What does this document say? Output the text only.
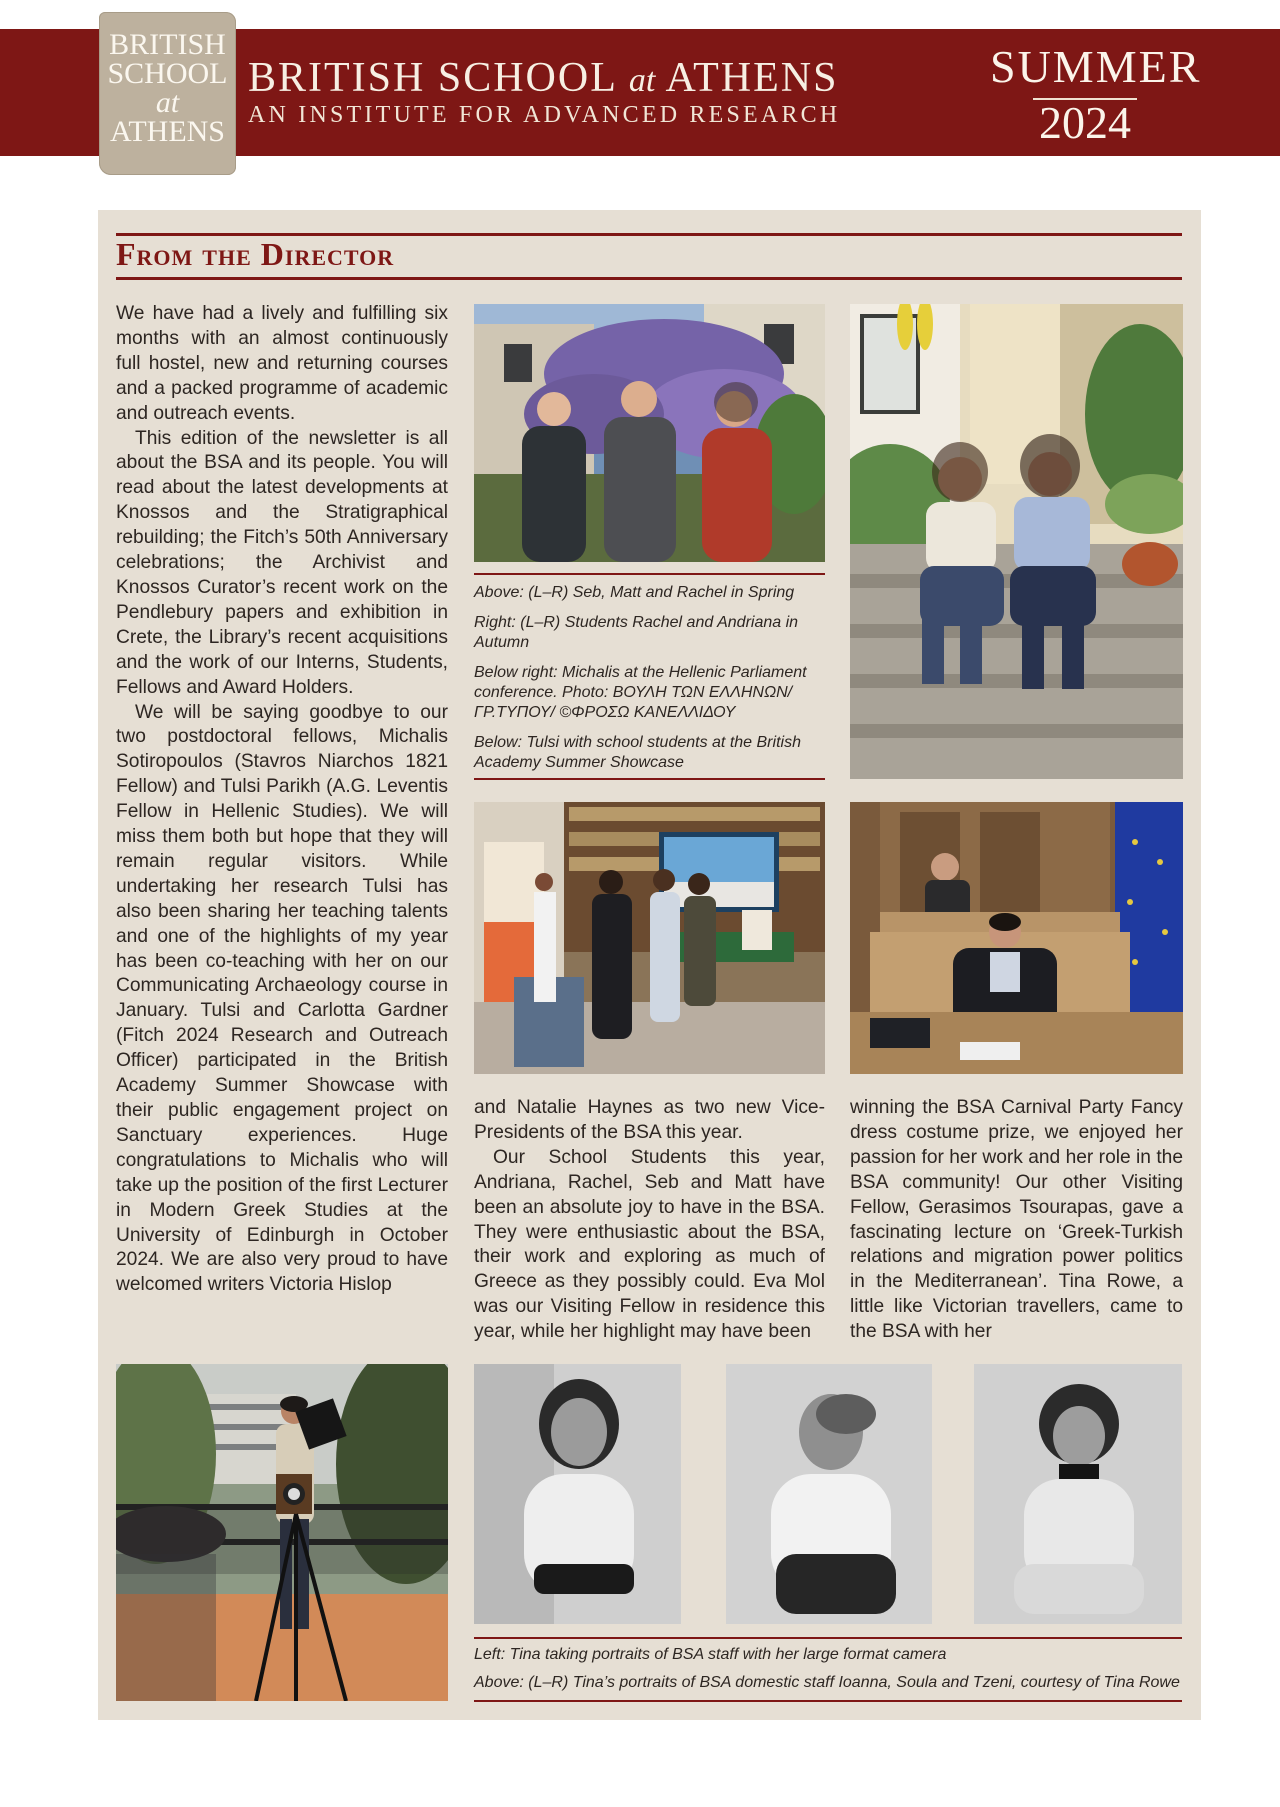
BRITISH
SCHOOL
at
ATHENS
BRITISH SCHOOL at ATHENS
AN INSTITUTE FOR ADVANCED RESEARCH
SUMMER
2024
From the Director

We have had a lively and fulfilling six months with an almost continuously full hostel, new and returning courses and a packed programme of academic and outreach events.

This edition of the newsletter is all about the BSA and its people. You will read about the latest developments at Knossos and the Stratigraphical rebuilding; the Fitch’s 50th Anniversary celebrations; the Archivist and Knossos Curator’s recent work on the Pendlebury papers and exhibition in Crete, the Library’s recent acquisitions and the work of our Interns, Students, Fellows and Award Holders.

We will be saying goodbye to our two postdoctoral fellows, Michalis Sotiropoulos (Stavros Niarchos 1821 Fellow) and Tulsi Parikh (A.G. Leventis Fellow in Hellenic Studies). We will miss them both but hope that they will remain regular visitors. While undertaking her research Tulsi has also been sharing her teaching talents and one of the highlights of my year has been co-teaching with her on our Communicating Archaeology course in January. Tulsi and Carlotta Gardner (Fitch 2024 Research and Outreach Officer) participated in the British Academy Summer Showcase with their public engagement project on Sanctuary experiences. Huge congratulations to Michalis who will take up the position of the first Lecturer in Modern Greek Studies at the University of Edinburgh in October 2024. We are also very proud to have welcomed writers Victoria Hislop

Above: (L–R) Seb, Matt and Rachel in Spring

Right: (L–R) Students Rachel and Andriana in Autumn

Below right: Michalis at the Hellenic Parliament conference. Photo: ΒΟΥΛΗ ΤΩΝ ΕΛΛΗΝΩΝ/ ΓΡ.ΤΥΠΟΥ/ ©ΦΡΟΣΩ ΚΑΝΕΛΛΙΔΟΥ

Below: Tulsi with school students at the British Academy Summer Showcase

and Natalie Haynes as two new Vice-Presidents of the BSA this year.

Our School Students this year, Andriana, Rachel, Seb and Matt have been an absolute joy to have in the BSA. They were enthusiastic about the BSA, their work and exploring as much of Greece as they possibly could. Eva Mol was our Visiting Fellow in residence this year, while her highlight may have been

winning the BSA Carnival Party Fancy dress costume prize, we enjoyed her passion for her work and her role in the BSA community! Our other Visiting Fellow, Gerasimos Tsourapas, gave a fascinating lecture on ‘Greek-Turkish relations and migration power politics in the Mediterranean’. Tina Rowe, a little like Victorian travellers, came to the BSA with her

Left: Tina taking portraits of BSA staff with her large format camera

Above: (L–R) Tina’s portraits of BSA domestic staff Ioanna, Soula and Tzeni, courtesy of Tina Rowe
